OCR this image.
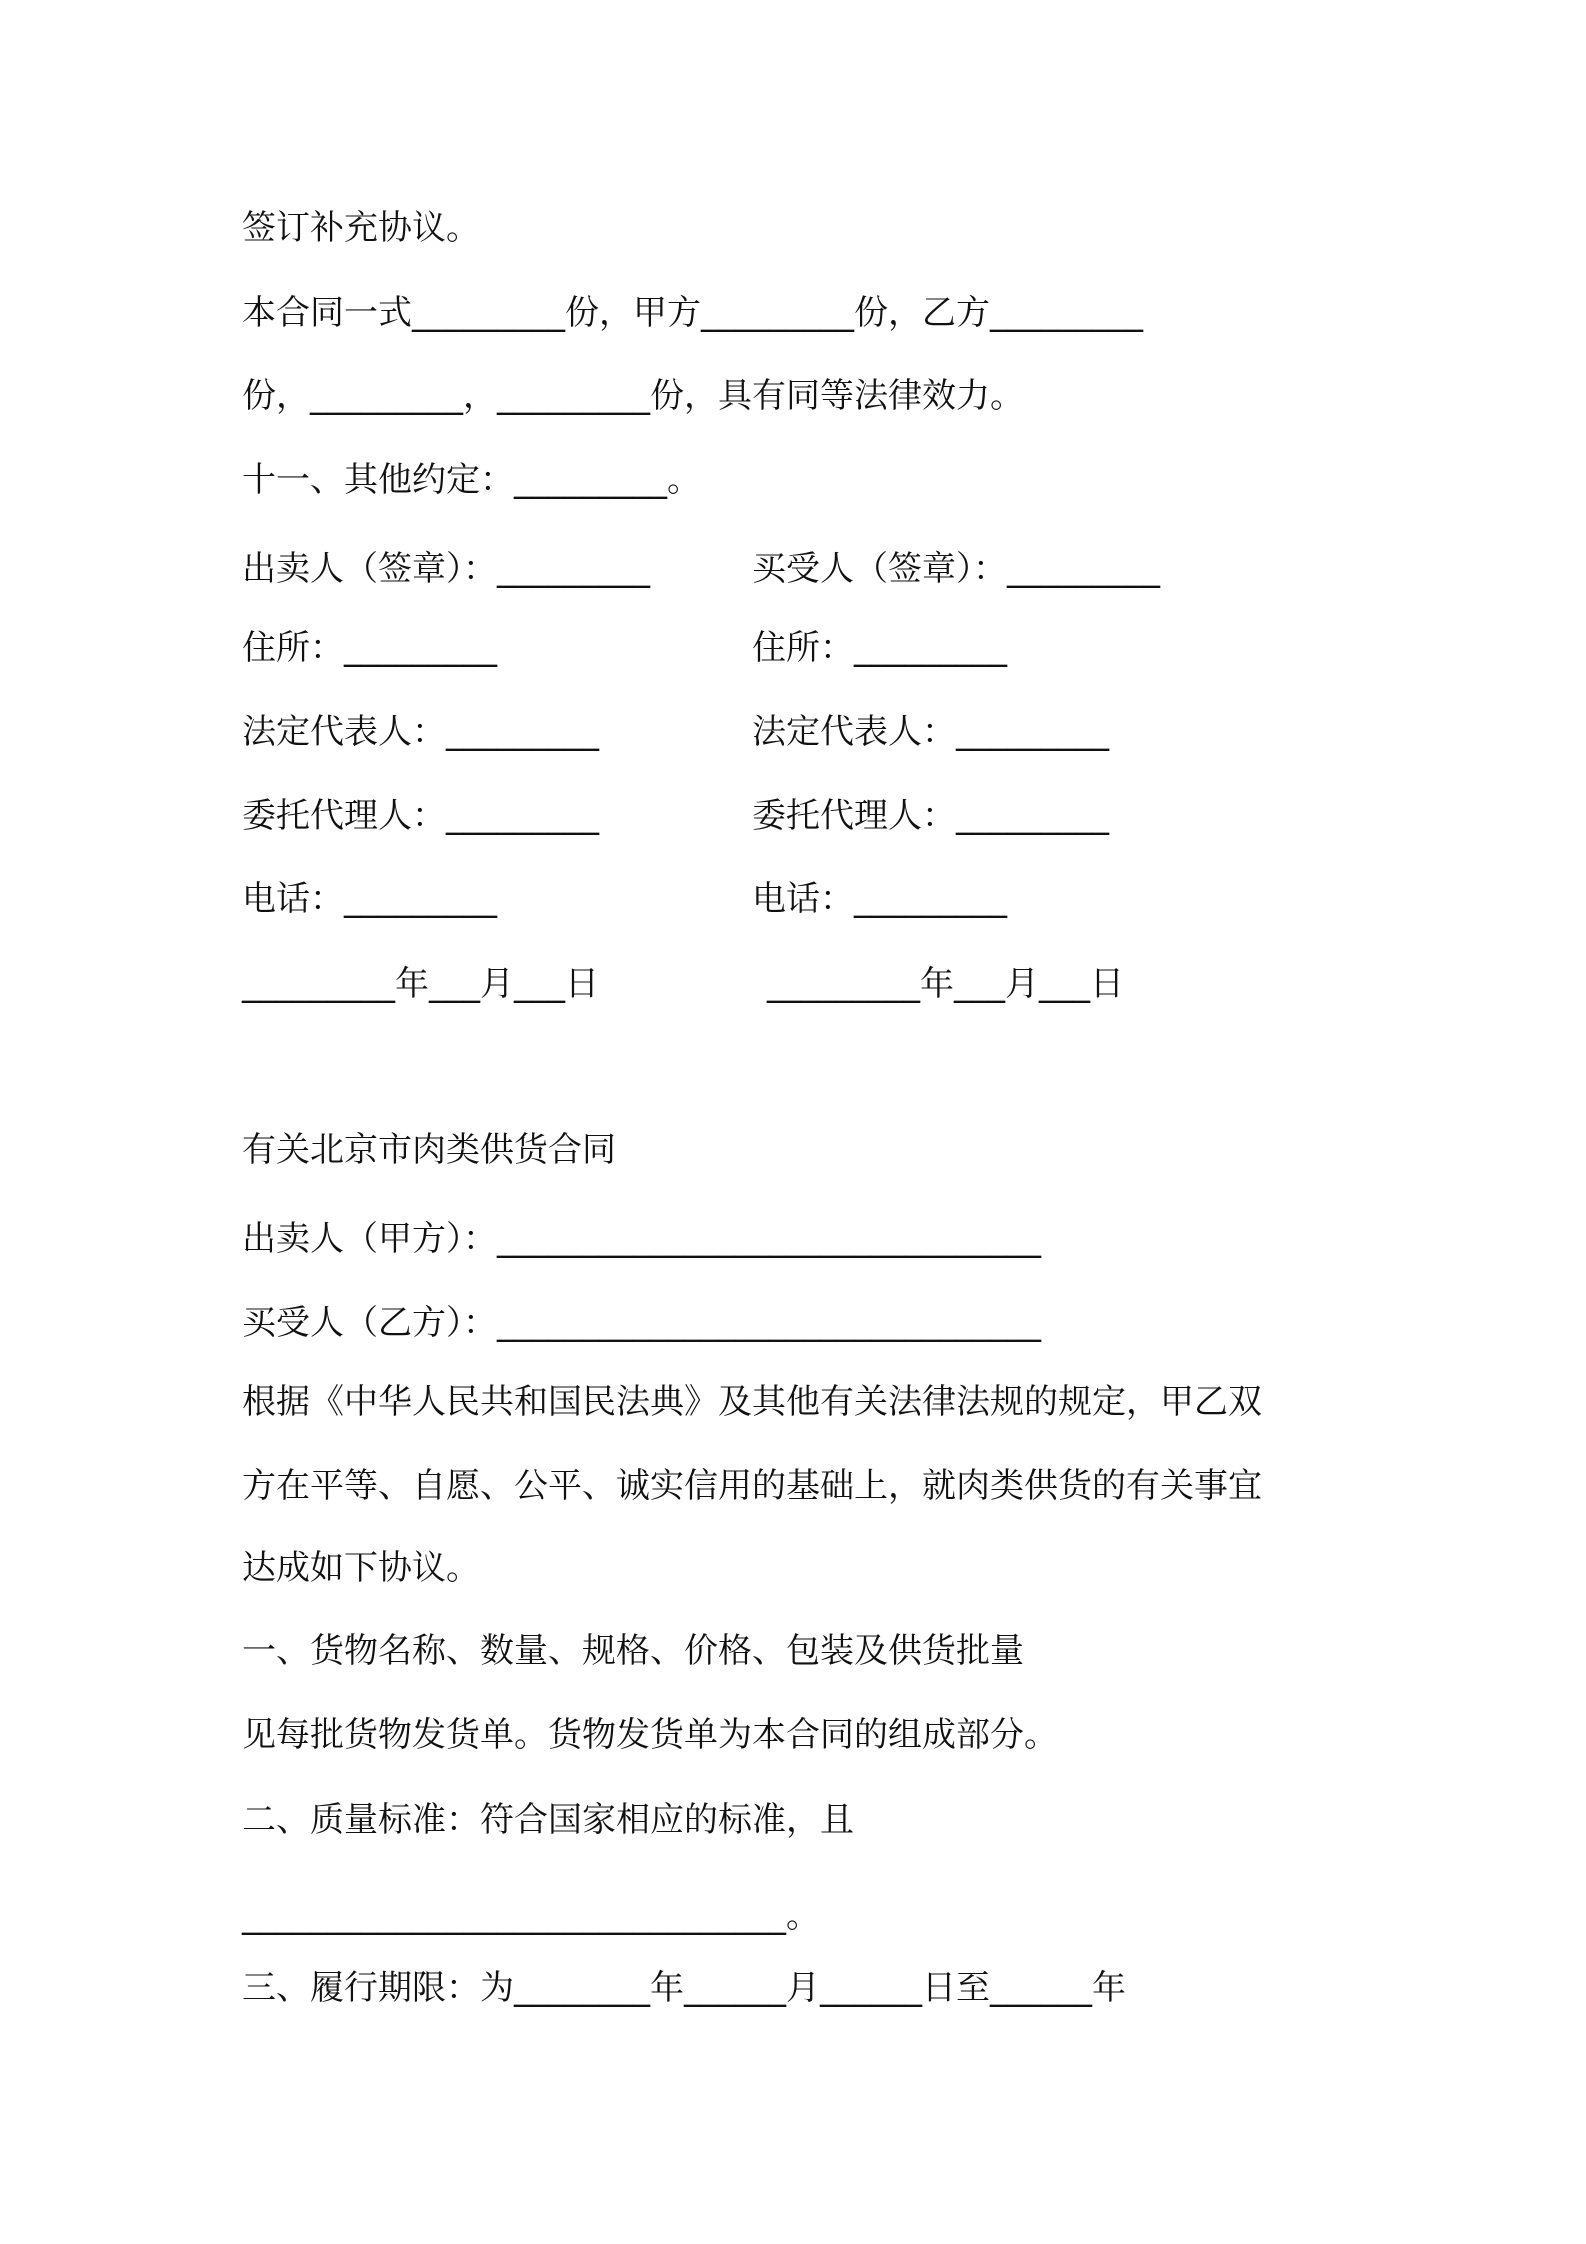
签订补充协议。
本合同一式_________份，甲方_________份，乙方_________
份，_________，_________份，具有同等法律效力。
十一、其他约定：_________。
出卖人（签章）：_________	买受人（签章）：_________
住所：_________	住所：_________
法定代表人：_________	法定代表人：_________
委托代理人：_________	委托代理人：_________
电话：_________	电话：_________
_________年___月___日	_________年___月___日
有关北京市肉类供货合同
出卖人（甲方）：________________________________
买受人（乙方）：________________________________
根据《中华人民共和国民法典》及其他有关法律法规的规定，甲乙双
方在平等、自愿、公平、诚实信用的基础上，就肉类供货的有关事宜
达成如下协议。
一、货物名称、数量、规格、价格、包装及供货批量
见每批货物发货单。货物发货单为本合同的组成部分。
二、质量标准：符合国家相应的标准，且
________________________________。
三、履行期限：为________年______月______日至______年
